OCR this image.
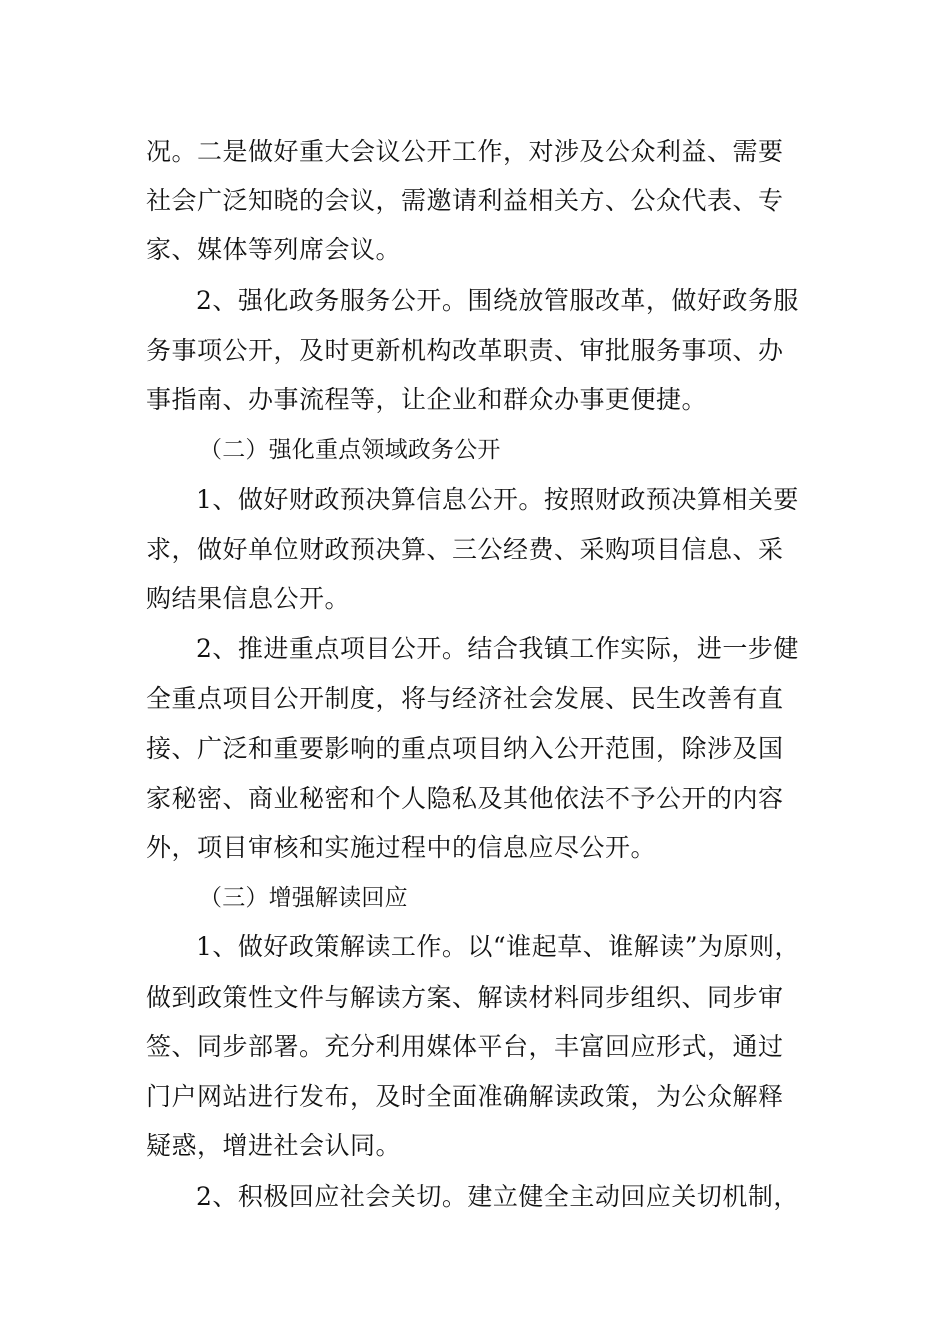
况。二是做好重大会议公开工作，对涉及公众利益、需要
社会广泛知晓的会议，需邀请利益相关方、公众代表、专
家、媒体等列席会议。
2、强化政务服务公开。围绕放管服改革，做好政务服
务事项公开，及时更新机构改革职责、审批服务事项、办
事指南、办事流程等，让企业和群众办事更便捷。
（二）强化重点领域政务公开
1、做好财政预决算信息公开。按照财政预决算相关要
求，做好单位财政预决算、三公经费、采购项目信息、采
购结果信息公开。
2、推进重点项目公开。结合我镇工作实际，进一步健
全重点项目公开制度，将与经济社会发展、民生改善有直
接、广泛和重要影响的重点项目纳入公开范围，除涉及国
家秘密、商业秘密和个人隐私及其他依法不予公开的内容
外，项目审核和实施过程中的信息应尽公开。
（三）增强解读回应
1、做好政策解读工作。以“谁起草、谁解读”为原则，
做到政策性文件与解读方案、解读材料同步组织、同步审
签、同步部署。充分利用媒体平台，丰富回应形式，通过
门户网站进行发布，及时全面准确解读政策，为公众解释
疑惑，增进社会认同。
2、积极回应社会关切。建立健全主动回应关切机制，
